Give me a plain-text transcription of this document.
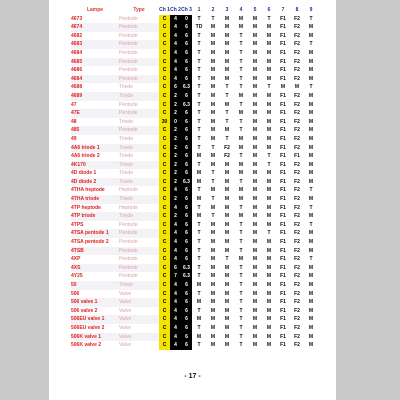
Lampe	Type	Ch 1	Ch 2	Ch 3	1	2	3	4	5	6	7	8	9
4673	Pentode	C	4	0	T	T	M	M	M	T	F1	F2	T
4674	Pentode	C	4	6	TD	M	M	M	M	M	F1	F2	M
4682	Pentode	C	4	6	T	M	M	T	M	M	F1	F2	M
4683	Pentode	C	4	6	T	M	M	T	M	M	F1	F2	T
4684	Pentode	C	4	6	T	M	M	T	M	M	F1	F2	M
4685	Pentode	C	4	6	T	M	M	T	M	M	F1	F2	M
4686	Pentode	C	4	6	T	M	M	T	M	M	F1	F2	M
4684	Pentode	C	4	6	T	M	M	T	M	M	F1	F2	M
4688	Triode	C	6	6.3	T	M	T	T	M	T	M	M	T
4689	Triode	C	2	6	T	M	T	M	M	M	F1	F2	M
47	Pentode	C	2	6.3	T	M	M	T	M	M	F1	F2	M
47E	Pentode	C	2	6	T	M	T	M	M	M	F1	F2	M
48	Triode	30	0	6	T	M	T	T	M	M	F1	F2	M
485	Pentode	C	2	6	T	M	M	T	M	M	F1	F2	M
49	Triode	C	2	6	T	M	T	M	M	M	F1	F2	M
4A6 triode 1	Triode	C	2	6	T	T	F2	M	M	M	F1	F2	M
4A6 triode 2	Triode	C	2	6	M	M	F2	T	M	T	F1	F1	M
4K170	Triode	C	2	6	T	M	M	M	M	T	F1	F2	M
4D diode 1	Triode	C	2	6	M	T	M	M	M	M	F1	F2	M
4D diode 2	Triode	C	2	6.3	M	T	M	T	M	M	F1	F2	M
4THA heptode	Heptode	C	4	6	T	M	M	M	M	M	F1	F2	T
4THA triode	Triode	C	2	6	M	T	M	M	M	M	F1	F2	M
4TP heptode	Heptode	C	4	6	T	M	M	T	M	M	F1	F2	T
4TP triode	Triode	C	2	6	M	T	M	M	M	M	F1	F2	M
4TPS	Pentode	C	4	6	T	M	M	T	M	M	F1	F2	T
4TSA pentode 1	Pentode	C	4	6	T	M	M	T	M	T	F1	F2	M
4TSA pentode 2	Pentode	C	4	6	T	M	M	T	M	M	F1	F2	M
4TSB	Pentode	C	4	6	T	M	M	T	M	M	F1	F2	M
4XP	Pentode	C	4	6	T	M	T	M	M	M	F1	F2	T
4XS	Pentode	C	6	6.3	T	M	M	T	M	M	F1	F2	M
4Y25	Pentode	C	7	6.3	T	M	M	T	M	M	F1	F2	M
50	Triode	C	4	6	M	M	M	T	M	M	F1	F2	M
506	Valve	C	4	6	T	M	M	T	M	M	F1	F2	M
506 valve 1	Valve	C	4	6	M	M	M	T	M	M	F1	F2	M
506 valve 2	Valve	C	4	6	T	M	M	T	M	M	F1	F2	M
506EU valve 1	Valve	C	4	6	M	M	M	T	M	M	F1	F2	M
506EU valve 2	Valve	C	4	6	T	M	M	T	M	M	F1	F2	M
506K valve 1	Valve	C	4	6	M	M	M	T	M	M	F1	F2	M
506K valve 2	Valve	C	4	6	T	M	M	T	M	M	F1	F2	M
- 17 -
